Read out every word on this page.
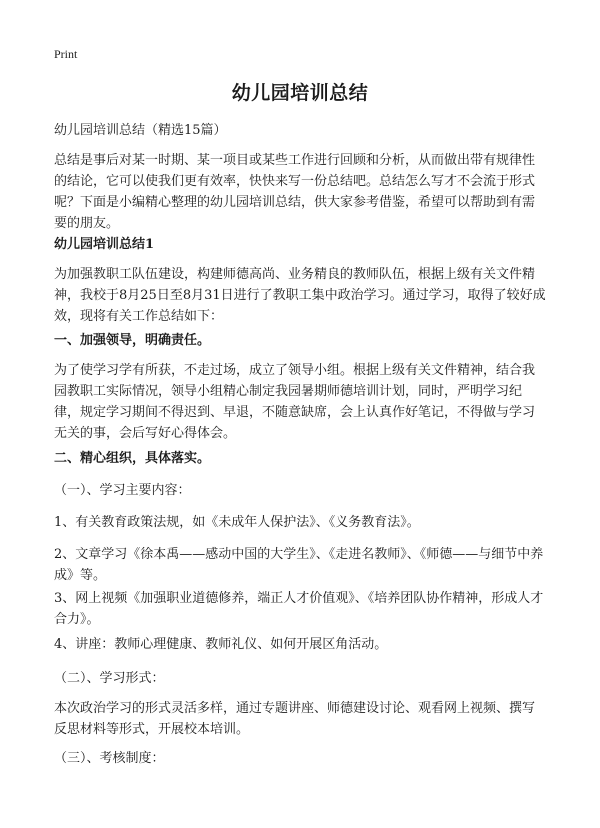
Print
幼儿园培训总结

幼儿园培训总结（精选15篇）

总结是事后对某一时期、某一项目或某些工作进行回顾和分析，从而做出带有规律性的结论，它可以使我们更有效率，快快来写一份总结吧。总结怎么写才不会流于形式呢？下面是小编精心整理的幼儿园培训总结，供大家参考借鉴，希望可以帮助到有需要的朋友。

幼儿园培训总结1

为加强教职工队伍建设，构建师德高尚、业务精良的教师队伍，根据上级有关文件精神，我校于8月25日至8月31日进行了教职工集中政治学习。通过学习，取得了较好成效，现将有关工作总结如下：

一、加强领导，明确责任。

为了使学习学有所获，不走过场，成立了领导小组。根据上级有关文件精神，结合我园教职工实际情况，领导小组精心制定我园暑期师德培训计划，同时，严明学习纪律，规定学习期间不得迟到、早退，不随意缺席，会上认真作好笔记，不得做与学习无关的事，会后写好心得体会。

二、精心组织，具体落实。

（一）、学习主要内容：

1、有关教育政策法规，如《未成年人保护法》、《义务教育法》。

2、文章学习《徐本禹——感动中国的大学生》、《走进名教师》、《师德——与细节中养成》等。

3、网上视频《加强职业道德修养，端正人才价值观》、《培养团队协作精神，形成人才合力》。

4、讲座：教师心理健康、教师礼仪、如何开展区角活动。

（二）、学习形式：

本次政治学习的形式灵活多样，通过专题讲座、师德建设讨论、观看网上视频、撰写反思材料等形式，开展校本培训。

（三）、考核制度：
